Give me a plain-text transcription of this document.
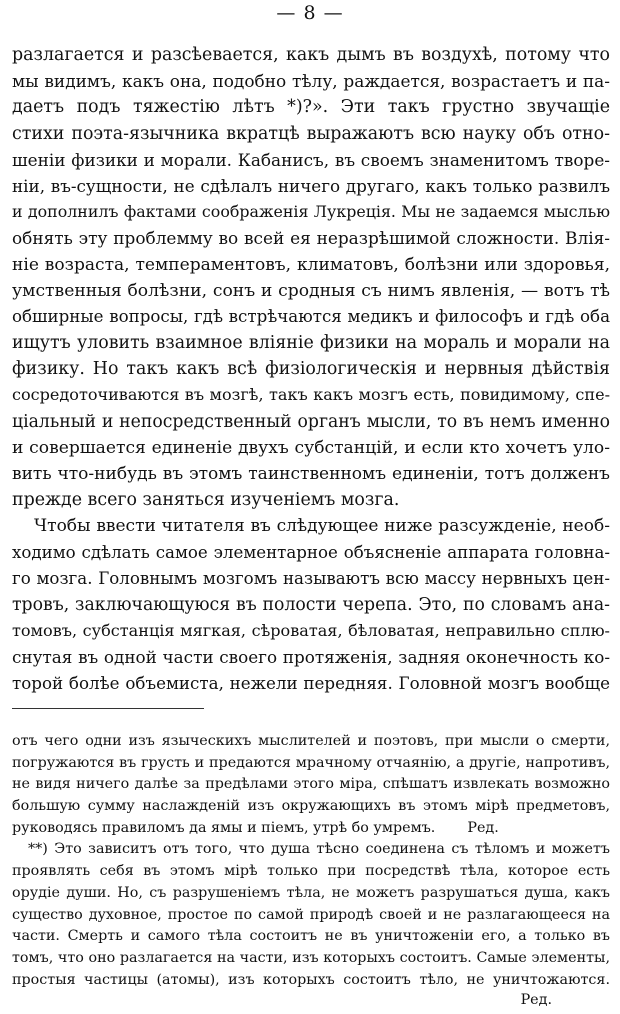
— 8 —
разлагается и разсѣевается, какъ дымъ въ воздухѣ, потому что
мы видимъ, какъ она, подобно тѣлу, раждается, возрастаетъ и па-
даетъ подъ тяжестію лѣтъ *)?». Эти такъ грустно звучащіе
стихи поэта-язычника вкратцѣ выражаютъ всю науку объ отно-
шеніи физики и морали. Кабанисъ, въ своемъ знаменитомъ творе-
ніи, въ-сущности, не сдѣлалъ ничего другаго, какъ только развилъ
и дополнилъ фактами соображенія Лукреція. Мы не задаемся мыслью
обнять эту проблемму во всей ея неразрѣшимой сложности. Влія-
ніе возраста, темпераментовъ, климатовъ, болѣзни или здоровья,
умственныя болѣзни, сонъ и сродныя съ нимъ явленія, — вотъ тѣ
обширные вопросы, гдѣ встрѣчаются медикъ и философъ и гдѣ оба
ищутъ уловить взаимное вліяніе физики на мораль и морали на
физику. Но такъ какъ всѣ физіологическія и нервныя дѣйствія
сосредоточиваются въ мозгѣ, такъ какъ мозгъ есть, повидимому, спе-
ціальный и непосредственный органъ мысли, то въ немъ именно
и совершается единеніе двухъ субстанцій, и если кто хочетъ уло-
вить что-нибудь въ этомъ таинственномъ единеніи, тотъ долженъ
прежде всего заняться изученіемъ мозга.
Чтобы ввести читателя въ слѣдующее ниже разсужденіе, необ-
ходимо сдѣлать самое элементарное объясненіе аппарата головна-
го мозга. Головнымъ мозгомъ называютъ всю массу нервныхъ цен-
тровъ, заключающуюся въ полости черепа. Это, по словамъ ана-
томовъ, субстанція мягкая, сѣроватая, бѣловатая, неправильно сплю-
снутая въ одной части своего протяженія, задняя оконечность ко-
торой болѣе объемиста, нежели передняя. Головной мозгъ вообще
отъ чего одни изъ языческихъ мыслителей и поэтовъ, при мысли о смерти,
погружаются въ грусть и предаются мрачному отчаянію, а другіе, напротивъ,
не видя ничего далѣе за предѣлами этого міра, спѣшатъ извлекать возможно
большую сумму наслажденій изъ окружающихъ въ этомъ мірѣ предметовъ,
руководясь правиломъ да ямы и піемъ, утрѣ бо умремъ. Ред.
**) Это зависитъ отъ того, что душа тѣсно соединена съ тѣломъ и можетъ
проявлять себя въ этомъ мірѣ только при посредствѣ тѣла, которое есть
орудіе души. Но, съ разрушеніемъ тѣла, не можетъ разрушаться душа, какъ
существо духовное, простое по самой природѣ своей и не разлагающееся на
части. Смерть и самого тѣла состоитъ не въ уничтоженіи его, а только въ
томъ, что оно разлагается на части, изъ которыхъ состоитъ. Самые элементы,
простыя частицы (атомы), изъ которыхъ состоитъ тѣло, не уничтожаются.
Ред.
